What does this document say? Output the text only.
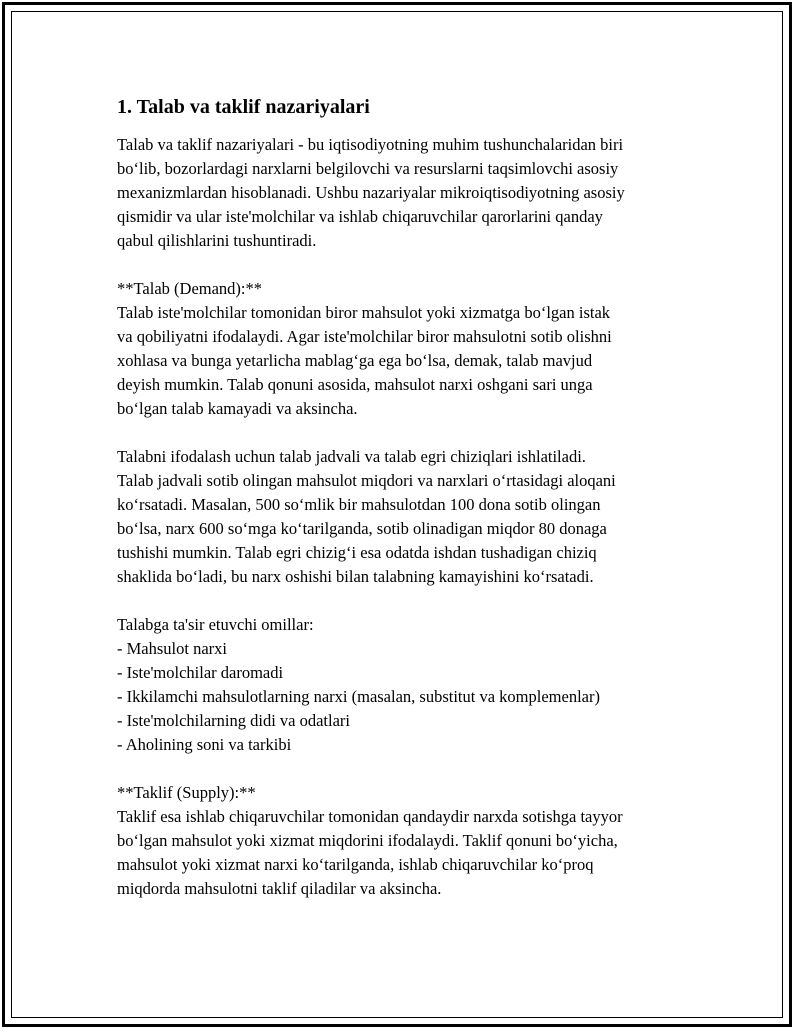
1. Talab va taklif nazariyalari

Talab va taklif nazariyalari - bu iqtisodiyotning muhim tushunchalaridan biri
bo‘lib, bozorlardagi narxlarni belgilovchi va resurslarni taqsimlovchi asosiy
mexanizmlardan hisoblanadi. Ushbu nazariyalar mikroiqtisodiyotning asosiy
qismidir va ular iste'molchilar va ishlab chiqaruvchilar qarorlarini qanday
qabul qilishlarini tushuntiradi.

**Talab (Demand):**

Talab iste'molchilar tomonidan biror mahsulot yoki xizmatga bo‘lgan istak
va qobiliyatni ifodalaydi. Agar iste'molchilar biror mahsulotni sotib olishni
xohlasa va bunga yetarlicha mablag‘ga ega bo‘lsa, demak, talab mavjud
deyish mumkin. Talab qonuni asosida, mahsulot narxi oshgani sari unga
bo‘lgan talab kamayadi va aksincha.

Talabni ifodalash uchun talab jadvali va talab egri chiziqlari ishlatiladi.
Talab jadvali sotib olingan mahsulot miqdori va narxlari o‘rtasidagi aloqani
ko‘rsatadi. Masalan, 500 so‘mlik bir mahsulotdan 100 dona sotib olingan
bo‘lsa, narx 600 so‘mga ko‘tarilganda, sotib olinadigan miqdor 80 donaga
tushishi mumkin. Talab egri chizig‘i esa odatda ishdan tushadigan chiziq
shaklida bo‘ladi, bu narx oshishi bilan talabning kamayishini ko‘rsatadi.

Talabga ta'sir etuvchi omillar:

- Mahsulot narxi
- Iste'molchilar daromadi
- Ikkilamchi mahsulotlarning narxi (masalan, substitut va komplemenlar)
- Iste'molchilarning didi va odatlari
- Aholining soni va tarkibi

**Taklif (Supply):**

Taklif esa ishlab chiqaruvchilar tomonidan qandaydir narxda sotishga tayyor
bo‘lgan mahsulot yoki xizmat miqdorini ifodalaydi. Taklif qonuni bo‘yicha,
mahsulot yoki xizmat narxi ko‘tarilganda, ishlab chiqaruvchilar ko‘proq
miqdorda mahsulotni taklif qiladilar va aksincha.
